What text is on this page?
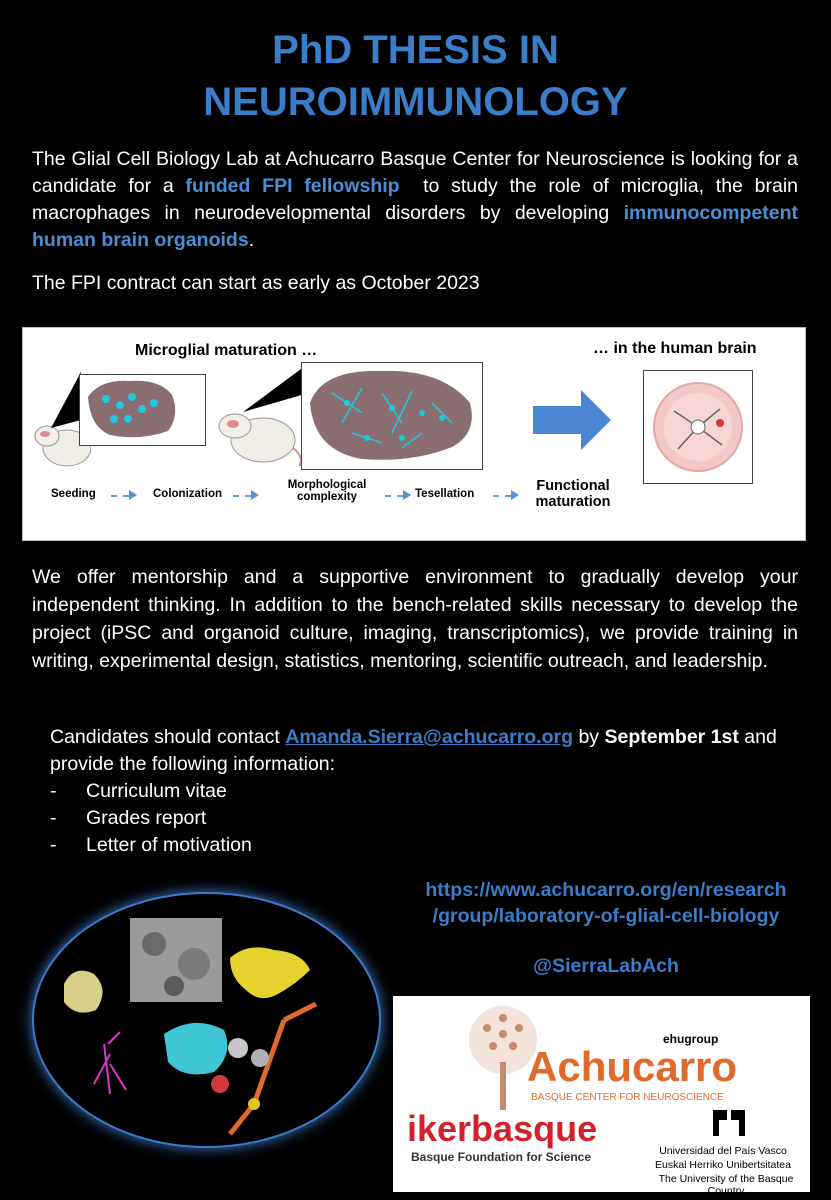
PhD THESIS IN
NEUROIMMUNOLOGY
The Glial Cell Biology Lab at Achucarro Basque Center for Neuroscience is looking for a candidate for a funded FPI fellowship  to study the role of microglia, the brain macrophages in neurodevelopmental disorders by developing immunocompetent human brain organoids.
The FPI contract can start as early as October 2023
Microglial maturation …	… in the human brain
Seeding	Colonization
Morphological complexity	Tesellation	Functional maturation
We offer mentorship and a supportive environment to gradually develop your independent thinking. In addition to the bench-related skills necessary to develop the project (iPSC and organoid culture, imaging, transcriptomics), we provide training in writing, experimental design, statistics, mentoring, scientific outreach, and leadership.
Candidates should contact Amanda.Sierra@achucarro.org by September 1st and provide the following information:
- Curriculum vitae
- Grades report
- Letter of motivation
https://www.achucarro.org/en/research
/group/laboratory-of-glial-cell-biology
@SierraLabAch
ehugroup
Achucarro
BASQUE CENTER FOR NEUROSCIENCE
ikerbasque
Basque Foundation for Science	Universidad del País Vasco
Euskal Herriko Unibertsitatea
The University of the Basque Country
